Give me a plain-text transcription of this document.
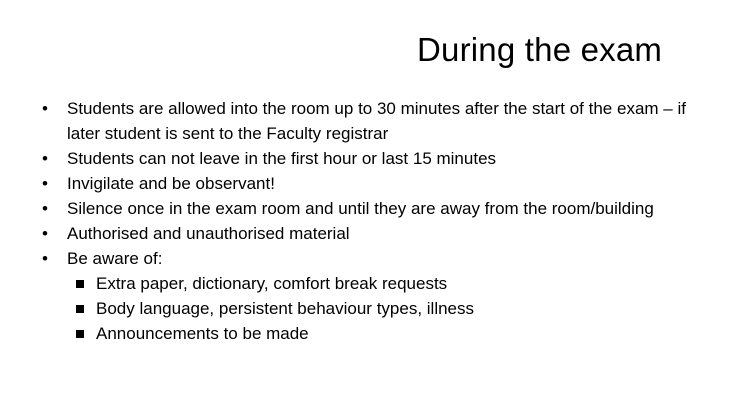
During the exam
• Students are allowed into the room up to 30 minutes after the start of the exam – if later student is sent to the Faculty registrar
• Students can not leave in the first hour or last 15 minutes
• Invigilate and be observant!
• Silence once in the exam room and until they are away from the room/building
• Authorised and unauthorised material
• Be aware of:
Extra paper, dictionary, comfort break requests
Body language, persistent behaviour types, illness
Announcements to be made
